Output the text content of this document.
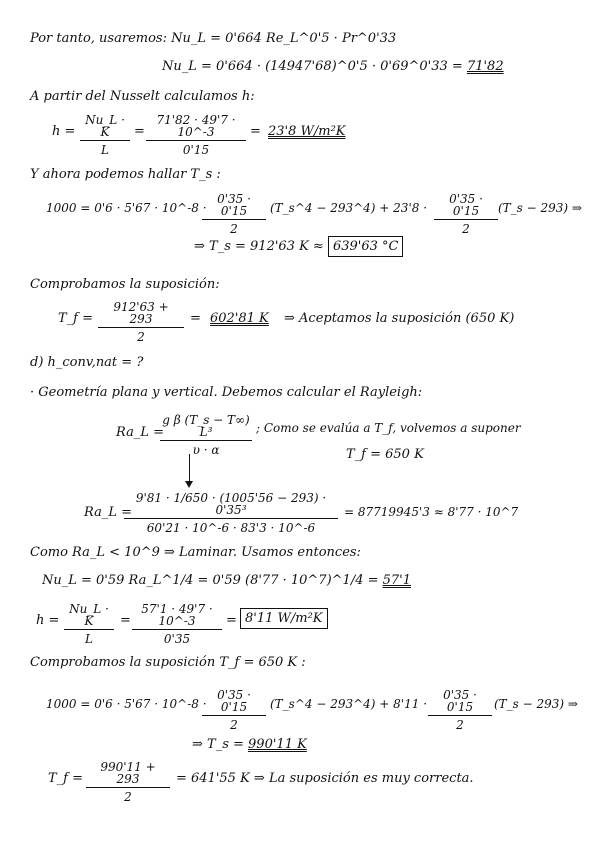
Por tanto, usaremos: Nu_L = 0'664 Re_L^0'5 · Pr^0'33
Nu_L = 0'664 · (14947'68)^0'5 · 0'69^0'33 = 71'82
A partir del Nusselt calculamos h:
$h = \frac{Nu\_L \cdot K}{L} = \frac{71'82 \cdot 49'7 \cdot 10\^{}-3}{0'15} = 23'8$ W/m²K
Y ahora podemos hallar T_s :
1000 = 0'6 · 5'67 · 10^-8 ·
$\frac{0'35 \cdot 0'15}{2}$ (T_s^4 − 293^4) + $23'8 \cdot \frac{0'35 \cdot 0'15}{2}$ (T_s − 293) ⇒
⇒ T_s = 912'63 K ≈ 639'63 °C
Comprobamos la suposición:
T_f = $\frac{912'63 + 293}{2} = 602'81$ K ⇒ Aceptamos la suposición (650 K)
d) h_conv,nat = ?
· Geometría plana y vertical. Debemos calcular el Rayleigh:
Ra_L =
$\frac{\text{g β (T\_s − T∞) L³}}{\upsilon \cdot \alpha}$ ; Como se evalúa a T_f, volvemos a suponer
T_f = 650 K
Ra_L =
$\frac{\text{9'81 · 1/650 · (1005'56 − 293) · 0'35³}}{60'21 \cdot 10\^{}-6 \cdot 83'3 \cdot 10\^{}-6} = 87719945'3 \approx 8'77$ · 10^7
Como Ra_L < 10^9 ⇒ Laminar. Usamos entonces:
Nu_L = 0'59 Ra_L^1/4 = 0'59 (8'77 · 10^7)^1/4 = 57'1
$h = \frac{Nu\_L \cdot K}{L} = \frac{57'1 \cdot 49'7 \cdot 10\^{}-3}{0'35} = 8'11$ W/m²K
Comprobamos la suposición T_f = 650 K :
1000 = 0'6 · 5'67 · 10^-8 ·
$\frac{0'35 \cdot 0'15}{2}$ (T_s^4 − 293^4) + $8'11 \cdot \frac{0'35 \cdot 0'15}{2}$ (T_s − 293) ⇒
⇒ T_s = 990'11 K
T_f = $\frac{990'11 + 293}{2} = 641'55$ K ⇒ La suposición es muy correcta.
